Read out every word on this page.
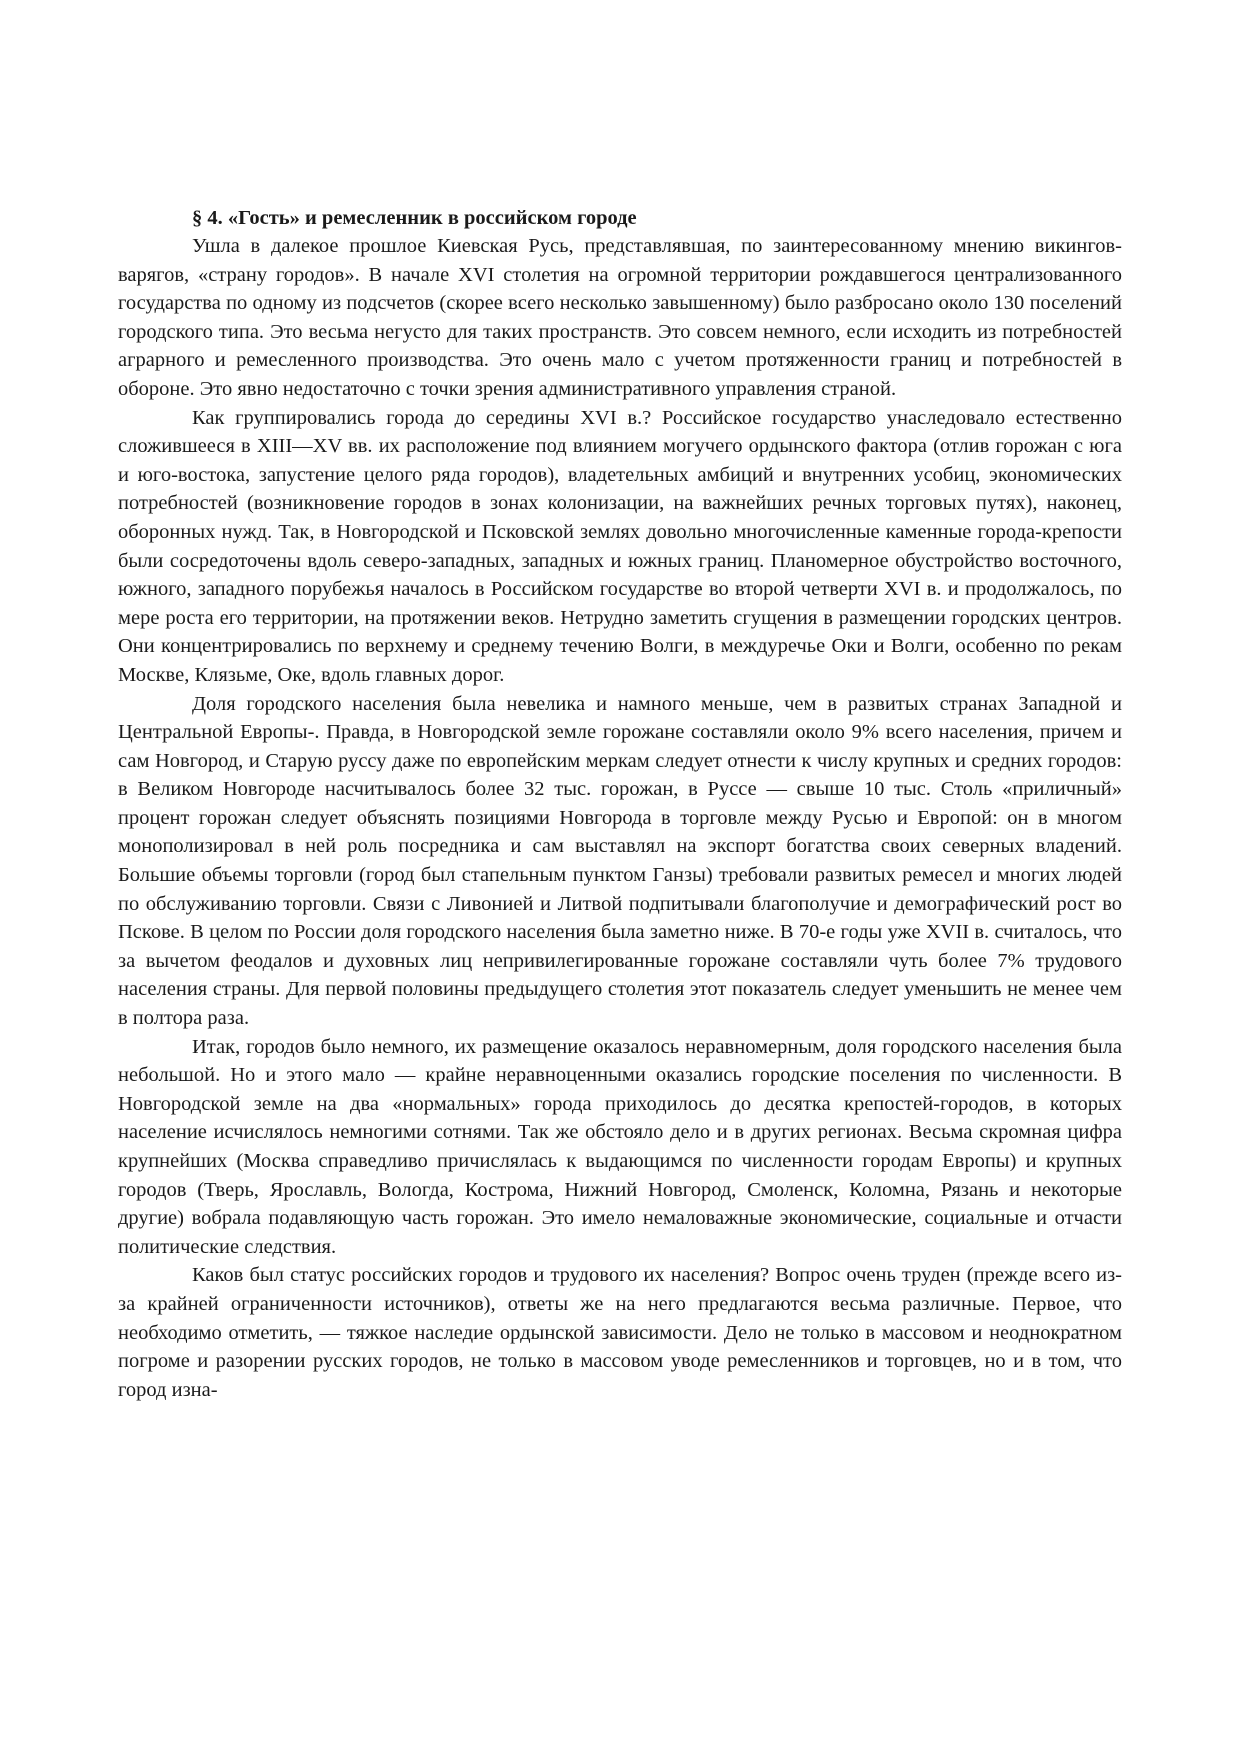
§ 4. «Гость» и ремесленник в российском городе

Ушла в далекое прошлое Киевская Русь, представлявшая, по заинтересованному мнению викингов-варягов, «страну городов». В начале XVI столетия на огромной территории рождавшегося централизованного государства по одному из подсчетов (скорее всего несколько завышенному) было разбросано около 130 поселений городского типа. Это весьма негусто для таких пространств. Это совсем немного, если исходить из потребностей аграрного и ремесленного производства. Это очень мало с учетом протяженности границ и потребностей в обороне. Это явно недостаточно с точки зрения административного управления страной.

Как группировались города до середины XVI в.? Российское государство унаследовало естественно сложившееся в XIII—XV вв. их расположение под влиянием могучего ордынского фактора (отлив горожан с юга и юго-востока, запустение целого ряда городов), владетельных амбиций и внутренних усобиц, экономических потребностей (возникновение городов в зонах колонизации, на важнейших речных торговых путях), наконец, оборонных нужд. Так, в Новгородской и Псковской землях довольно многочисленные каменные города-крепости были сосредоточены вдоль северо-западных, западных и южных границ. Планомерное обустройство восточного, южного, западного порубежья началось в Российском государстве во второй четверти XVI в. и продолжалось, по мере роста его территории, на протяжении веков. Нетрудно заметить сгущения в размещении городских центров. Они концентрировались по верхнему и среднему течению Волги, в междуречье Оки и Волги, особенно по рекам Москве, Клязьме, Оке, вдоль главных дорог.

Доля городского населения была невелика и намного меньше, чем в развитых странах Западной и Центральной Европы-. Правда, в Новгородской земле горожане составляли около 9% всего населения, причем и сам Новгород, и Старую руссу даже по европейским меркам следует отнести к числу крупных и средних городов: в Великом Новгороде насчитывалось более 32 тыс. горожан, в Руссе — свыше 10 тыс. Столь «приличный» процент горожан следует объяснять позициями Новгорода в торговле между Русью и Европой: он в многом монополизировал в ней роль посредника и сам выставлял на экспорт богатства своих северных владений. Большие объемы торговли (город был стапельным пунктом Ганзы) требовали развитых ремесел и многих людей по обслуживанию торговли. Связи с Ливонией и Литвой подпитывали благополучие и демографический рост во Пскове. В целом по России доля городского населения была заметно ниже. В 70-е годы уже XVII в. считалось, что за вычетом феодалов и духовных лиц непривилегированные горожане составляли чуть более 7% трудового населения страны. Для первой половины предыдущего столетия этот показатель следует уменьшить не менее чем в полтора раза.

Итак, городов было немного, их размещение оказалось неравномерным, доля городского населения была небольшой. Но и этого мало — крайне неравноценными оказались городские поселения по численности. В Новгородской земле на два «нормальных» города приходилось до десятка крепостей-городов, в которых население исчислялось немногими сотнями. Так же обстояло дело и в других регионах. Весьма скромная цифра крупнейших (Москва справедливо причислялась к выдающимся по численности городам Европы) и крупных городов (Тверь, Ярославль, Вологда, Кострома, Нижний Новгород, Смоленск, Коломна, Рязань и некоторые другие) вобрала подавляющую часть горожан. Это имело немаловажные экономические, социальные и отчасти политические следствия.

Каков был статус российских городов и трудового их населения? Вопрос очень труден (прежде всего из-за крайней ограниченности источников), ответы же на него предлагаются весьма различные. Первое, что необходимо отметить, — тяжкое наследие ордынской зависимости. Дело не только в массовом и неоднократном погроме и разорении русских городов, не только в массовом уводе ремесленников и торговцев, но и в том, что город изна-
